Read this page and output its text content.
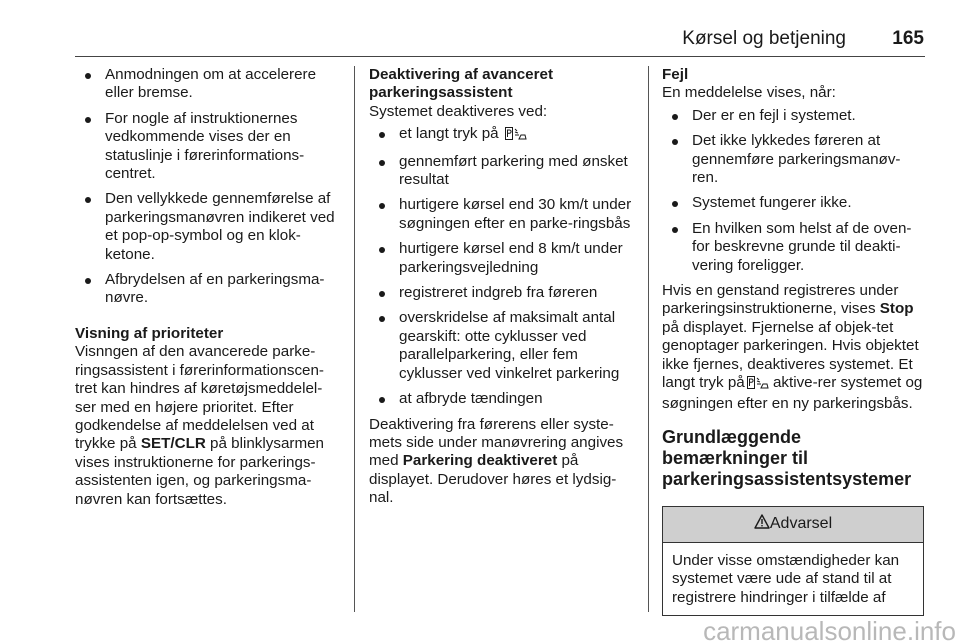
Kørsel og betjening 165
Anmodningen om at accelerere eller bremse.
For nogle af instruktionernes vedkommende vises der en statuslinje i førerinformations-centret.
Den vellykkede gennemførelse af parkeringsmanøvren indikeret ved et pop-op-symbol og en klok-ketone.
Afbrydelsen af en parkeringsma-nøvre.
Visning af prioriteter
Visnngen af den avancerede parke-ringsassistent i førerinformationscen-tret kan hindres af køretøjsmeddelel-ser med en højere prioritet. Efter godkendelse af meddelelsen ved at trykke på SET/CLR på blinklysarmen vises instruktionerne for parkerings-assistenten igen, og parkeringsma-nøvren kan fortsættes.
Deaktivering af avanceret parkeringsassistent
Systemet deaktiveres ved:
et langt tryk på
gennemført parkering med ønsket resultat
hurtigere kørsel end 30 km/t under søgningen efter en parke-ringsbås
hurtigere kørsel end 8 km/t under parkeringsvejledning
registreret indgreb fra føreren
overskridelse af maksimalt antal gearskift: otte cyklusser ved parallelparkering, eller fem cyklusser ved vinkelret parkering
at afbryde tændingen
Deaktivering fra førerens eller syste-mets side under manøvrering angives med Parkering deaktiveret på displayet. Derudover høres et lydsig-nal.
Fejl
En meddelelse vises, når:
Der er en fejl i systemet.
Det ikke lykkedes føreren at gennemføre parkeringsmanøv-ren.
Systemet fungerer ikke.
En hvilken som helst af de oven-for beskrevne grunde til deakti-vering foreligger.
Hvis en genstand registreres under parkeringsinstruktionerne, vises Stop på displayet. Fjernelse af objek-tet genoptager parkeringen. Hvis objektet ikke fjernes, deaktiveres systemet. Et langt tryk på aktive-rer systemet og søgningen efter en ny parkeringsbås.
Grundlæggende bemærkninger til parkeringsassistentsystemer
Advarsel
Under visse omstændigheder kan systemet være ude af stand til at registrere hindringer i tilfælde af
carmanualsonline.info
